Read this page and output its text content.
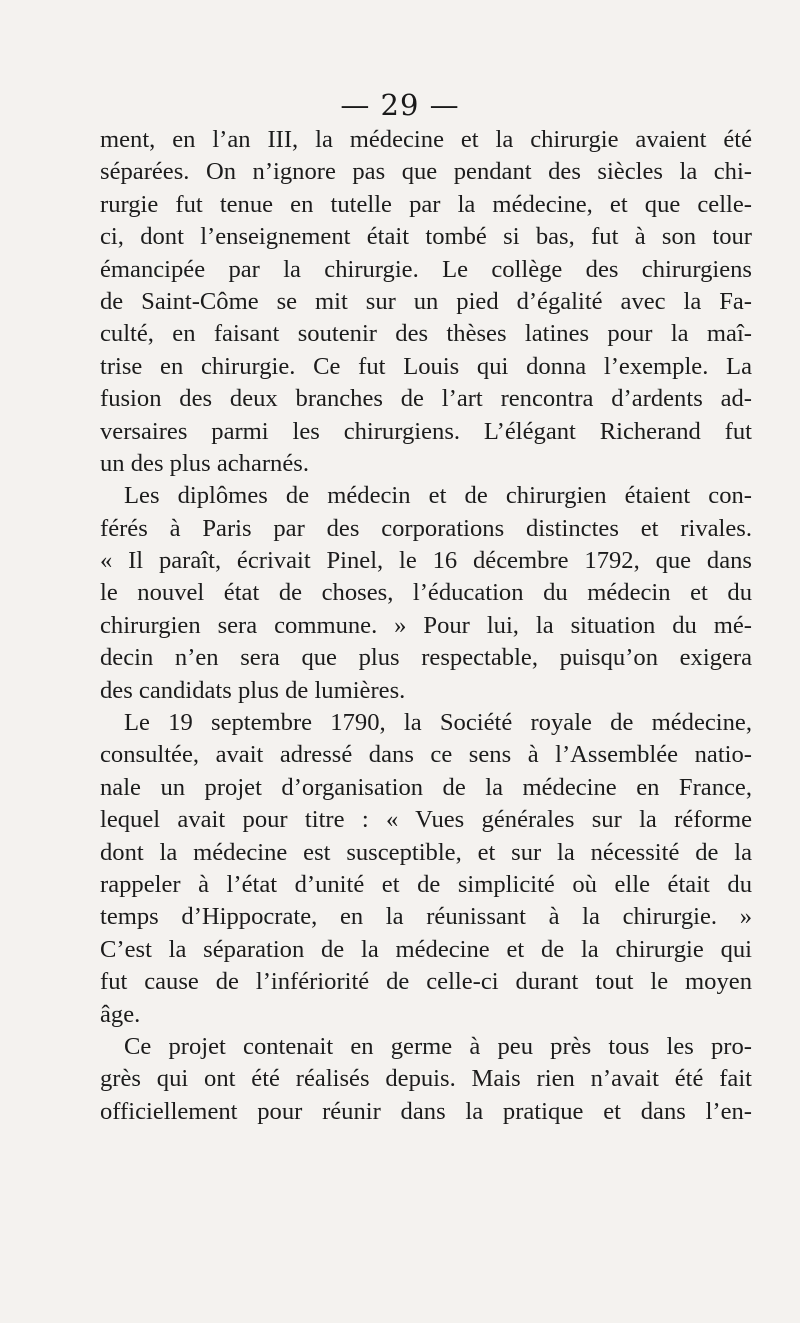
— 29 —
ment, en l’an III, la médecine et la chirurgie avaient été
séparées. On n’ignore pas que pendant des siècles la chi-
rurgie fut tenue en tutelle par la médecine, et que celle-
ci, dont l’enseignement était tombé si bas, fut à son tour
émancipée par la chirurgie. Le collège des chirurgiens
de Saint-Côme se mit sur un pied d’égalité avec la Fa-
culté, en faisant soutenir des thèses latines pour la maî-
trise en chirurgie. Ce fut Louis qui donna l’exemple. La
fusion des deux branches de l’art rencontra d’ardents ad-
versaires parmi les chirurgiens. L’élégant Richerand fut
un des plus acharnés.
Les diplômes de médecin et de chirurgien étaient con-
férés à Paris par des corporations distinctes et rivales.
« Il paraît, écrivait Pinel, le 16 décembre 1792, que dans
le nouvel état de choses, l’éducation du médecin et du
chirurgien sera commune. » Pour lui, la situation du mé-
decin n’en sera que plus respectable, puisqu’on exigera
des candidats plus de lumières.
Le 19 septembre 1790, la Société royale de médecine,
consultée, avait adressé dans ce sens à l’Assemblée natio-
nale un projet d’organisation de la médecine en France,
lequel avait pour titre : « Vues générales sur la réforme
dont la médecine est susceptible, et sur la nécessité de la
rappeler à l’état d’unité et de simplicité où elle était du
temps d’Hippocrate, en la réunissant à la chirurgie. »
C’est la séparation de la médecine et de la chirurgie qui
fut cause de l’infériorité de celle-ci durant tout le moyen
âge.
Ce projet contenait en germe à peu près tous les pro-
grès qui ont été réalisés depuis. Mais rien n’avait été fait
officiellement pour réunir dans la pratique et dans l’en-
